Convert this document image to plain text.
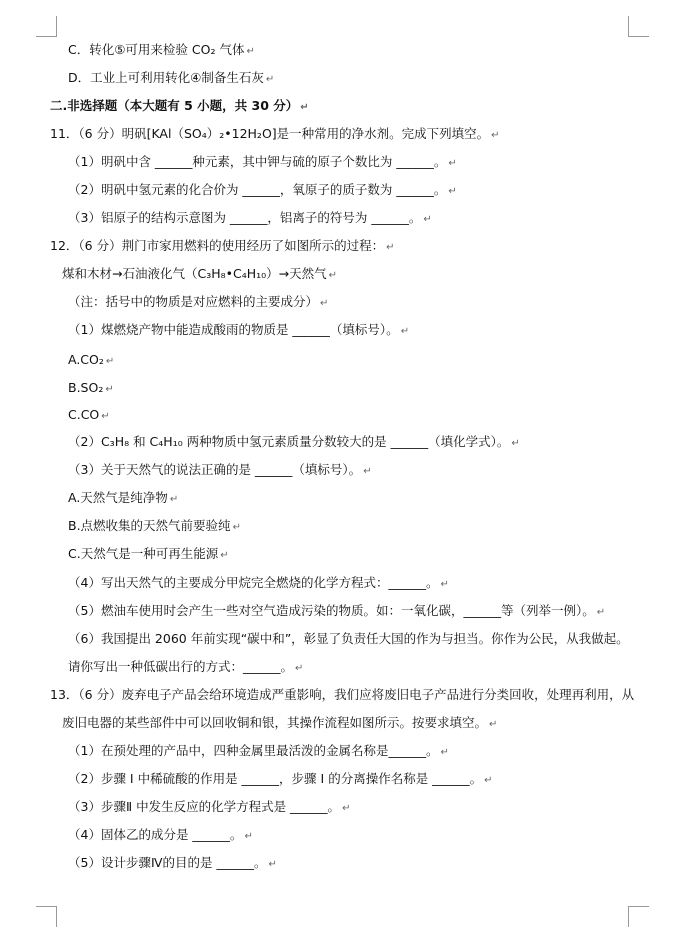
C．转化⑤可用来检验 CO₂ 气体 ↵
D．工业上可利用转化④制备生石灰 ↵
二.非选择题（本大题有 5 小题，共 30 分） ↵
11．（6 分）明矾[KAl（SO₄）₂•12H₂O]是一种常用的净水剂。完成下列填空。 ↵
（1）明矾中含 ______种元素，其中钾与硫的原子个数比为 ______。 ↵
（2）明矾中氢元素的化合价为 ______，氧原子的质子数为 ______。 ↵
（3）铝原子的结构示意图为 ______，铝离子的符号为 ______。 ↵
12．（6 分）荆门市家用燃料的使用经历了如图所示的过程： ↵
煤和木材→石油液化气（C₃H₈•C₄H₁₀）→天然气 ↵
（注：括号中的物质是对应燃料的主要成分） ↵
（1）煤燃烧产物中能造成酸雨的物质是 ______（填标号）。 ↵
A.CO₂ ↵
B.SO₂ ↵
C.CO ↵
（2）C₃H₈ 和 C₄H₁₀ 两种物质中氢元素质量分数较大的是 ______（填化学式）。 ↵
（3）关于天然气的说法正确的是 ______（填标号）。 ↵
A.天然气是纯净物 ↵
B.点燃收集的天然气前要验纯 ↵
C.天然气是一种可再生能源 ↵
（4）写出天然气的主要成分甲烷完全燃烧的化学方程式：______。 ↵
（5）燃油车使用时会产生一些对空气造成污染的物质。如：一氧化碳，______等（列举一例）。 ↵
（6）我国提出 2060 年前实现“碳中和”，彰显了负责任大国的作为与担当。你作为公民，从我做起。
请你写出一种低碳出行的方式：______。 ↵
13．（6 分）废弃电子产品会给环境造成严重影响，我们应将废旧电子产品进行分类回收，处理再利用，从
废旧电器的某些部件中可以回收铜和银，其操作流程如图所示。按要求填空。 ↵
（1）在预处理的产品中，四种金属里最活泼的金属名称是______。 ↵
（2）步骤 I 中稀硫酸的作用是 ______，步骤 I 的分离操作名称是 ______。 ↵
（3）步骤Ⅱ 中发生反应的化学方程式是 ______。 ↵
（4）固体乙的成分是 ______。 ↵
（5）设计步骤Ⅳ的目的是 ______。 ↵
